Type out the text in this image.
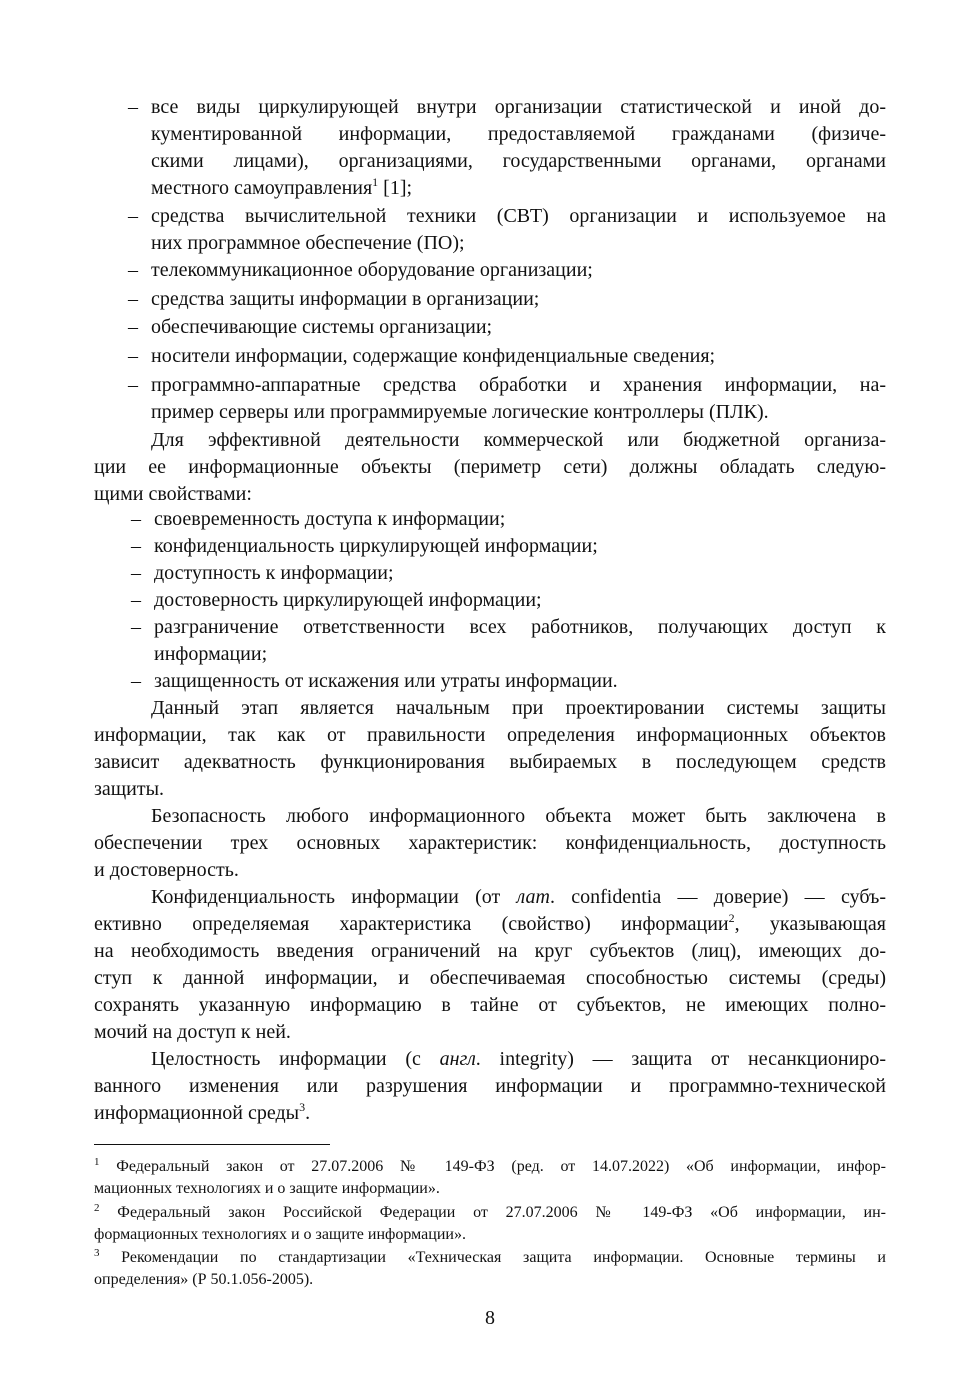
– все виды циркулирующей внутри организации статистической и иной до-
кументированной информации, предоставляемой гражданами (физиче-
скими лицами), организациями, государственными органами, органами
местного самоуправления$^1$ [1];
– средства вычислительной техники (СВТ) организации и используемое на
них программное обеспечение (ПО);
– телекоммуникационное оборудование организации;
– средства защиты информации в организации;
– обеспечивающие системы организации;
– носители информации, содержащие конфиденциальные сведения;
– программно-аппаратные средства обработки и хранения информации, на-
пример серверы или программируемые логические контроллеры (ПЛК).
Для эффективной деятельности коммерческой или бюджетной организа-
ции ее информационные объекты (периметр сети) должны обладать следую-
щими свойствами:
– своевременность доступа к информации;
– конфиденциальность циркулирующей информации;
– доступность к информации;
– достоверность циркулирующей информации;
– разграничение ответственности всех работников, получающих доступ к
информации;
– защищенность от искажения или утраты информации.
Данный этап является начальным при проектировании системы защиты
информации, так как от правильности определения информационных объектов
зависит адекватность функционирования выбираемых в последующем средств
защиты.
Безопасность любого информационного объекта может быть заключена в
обеспечении трех основных характеристик: конфиденциальность, доступность
и достоверность.
Конфиденциальность информации (от лат. confidentia — доверие) — субъ-
ективно определяемая характеристика (свойство) информации$^2$, указывающая
на необходимость введения ограничений на круг субъектов (лиц), имеющих до-
ступ к данной информации, и обеспечиваемая способностью системы (среды)
сохранять указанную информацию в тайне от субъектов, не имеющих полно-
мочий на доступ к ней.
Целостность информации (с англ. integrity) — защита от несанкциониро-
ванного изменения или разрушения информации и программно-технической
информационной среды$^3$.
$^1$ Федеральный закон от 27.07.2006 № 149-ФЗ (ред. от 14.07.2022) «Об информации, инфор-
мационных технологиях и о защите информации».
$^2$ Федеральный закон Российской Федерации от 27.07.2006 № 149-ФЗ «Об информации, ин-
формационных технологиях и о защите информации».
$^3$ Рекомендации по стандартизации «Техническая защита информации. Основные термины и
определения» (Р 50.1.056-2005).
8
